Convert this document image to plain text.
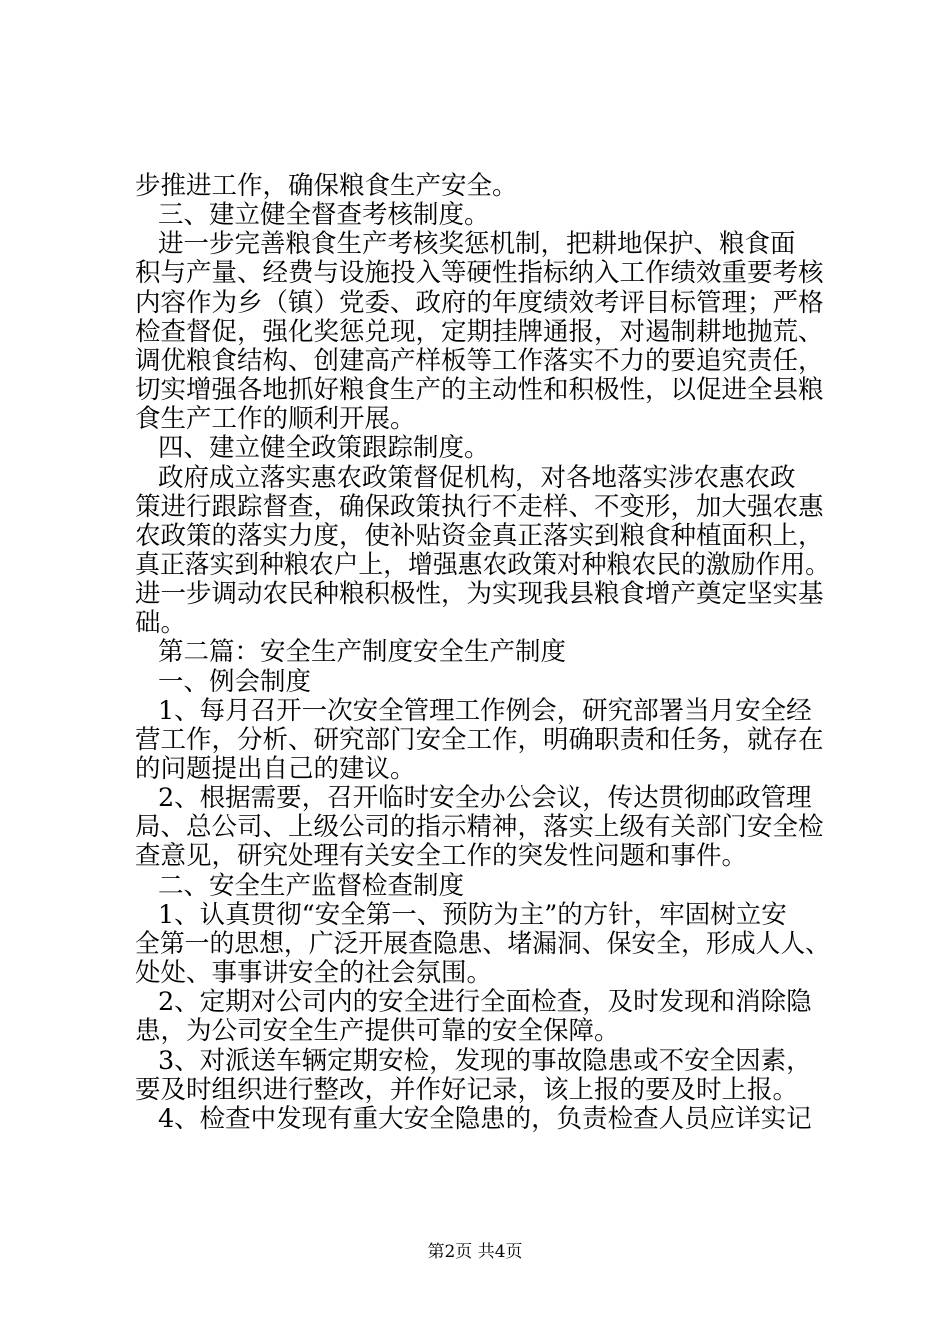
步推进工作，确保粮食生产安全。
三、建立健全督查考核制度。
进一步完善粮食生产考核奖惩机制，把耕地保护、粮食面
积与产量、经费与设施投入等硬性指标纳入工作绩效重要考核
内容作为乡（镇）党委、政府的年度绩效考评目标管理；严格
检查督促，强化奖惩兑现，定期挂牌通报，对遏制耕地抛荒、
调优粮食结构、创建高产样板等工作落实不力的要追究责任，
切实增强各地抓好粮食生产的主动性和积极性，以促进全县粮
食生产工作的顺利开展。
四、建立健全政策跟踪制度。
政府成立落实惠农政策督促机构，对各地落实涉农惠农政
策进行跟踪督查，确保政策执行不走样、不变形，加大强农惠
农政策的落实力度，使补贴资金真正落实到粮食种植面积上，
真正落实到种粮农户上，增强惠农政策对种粮农民的激励作用。
进一步调动农民种粮积极性，为实现我县粮食增产奠定坚实基
础。
第二篇：安全生产制度安全生产制度
一、例会制度
1、每月召开一次安全管理工作例会，研究部署当月安全经
营工作，分析、研究部门安全工作，明确职责和任务，就存在
的问题提出自己的建议。
2、根据需要，召开临时安全办公会议，传达贯彻邮政管理
局、总公司、上级公司的指示精神，落实上级有关部门安全检
查意见，研究处理有关安全工作的突发性问题和事件。
二、安全生产监督检查制度
1、认真贯彻“安全第一、预防为主”的方针，牢固树立安
全第一的思想，广泛开展查隐患、堵漏洞、保安全，形成人人、
处处、事事讲安全的社会氛围。
2、定期对公司内的安全进行全面检查，及时发现和消除隐
患，为公司安全生产提供可靠的安全保障。
3、对派送车辆定期安检，发现的事故隐患或不安全因素，
要及时组织进行整改，并作好记录，该上报的要及时上报。
4、检查中发现有重大安全隐患的，负责检查人员应详实记
第2页 共4页
